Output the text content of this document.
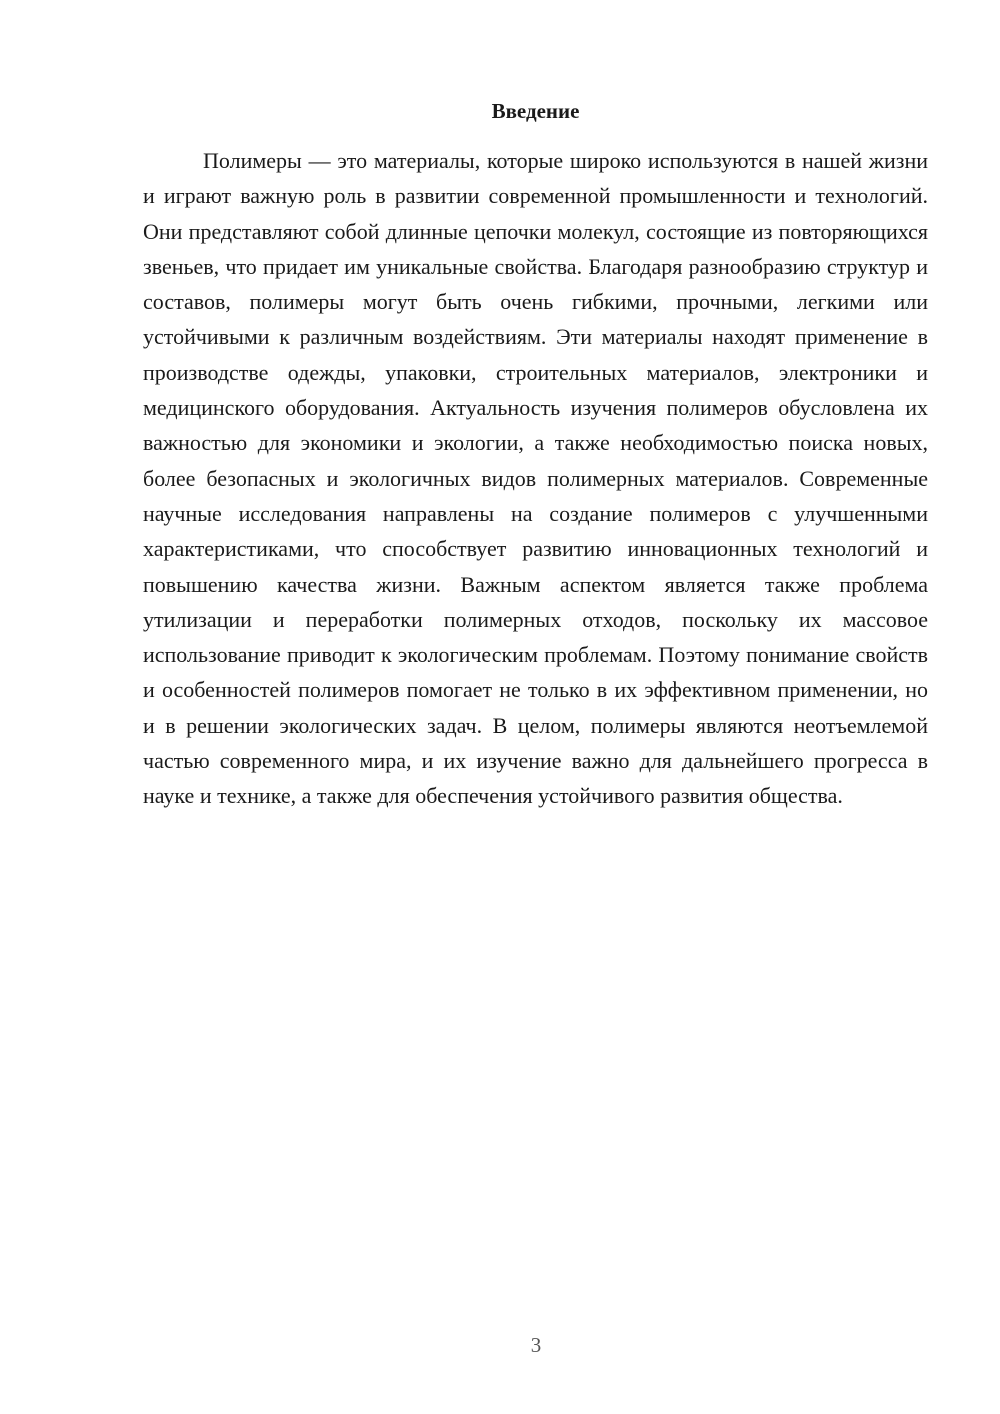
Введение

Полимеры — это материалы, которые широко используются в нашей жизни и играют важную роль в развитии современной промышленности и технологий. Они представляют собой длинные цепочки молекул, состоящие из повторяющихся звеньев, что придает им уникальные свойства. Благодаря разнообразию структур и составов, полимеры могут быть очень гибкими, прочными, легкими или устойчивыми к различным воздействиям. Эти материалы находят применение в производстве одежды, упаковки, строительных материалов, электроники и медицинского оборудования. Актуальность изучения полимеров обусловлена их важностью для экономики и экологии, а также необходимостью поиска новых, более безопасных и экологичных видов полимерных материалов. Современные научные исследования направлены на создание полимеров с улучшенными характеристиками, что способствует развитию инновационных технологий и повышению качества жизни. Важным аспектом является также проблема утилизации и переработки полимерных отходов, поскольку их массовое использование приводит к экологическим проблемам. Поэтому понимание свойств и особенностей полимеров помогает не только в их эффективном применении, но и в решении экологических задач. В целом, полимеры являются неотъемлемой частью современного мира, и их изучение важно для дальнейшего прогресса в науке и технике, а также для обеспечения устойчивого развития общества.

3
